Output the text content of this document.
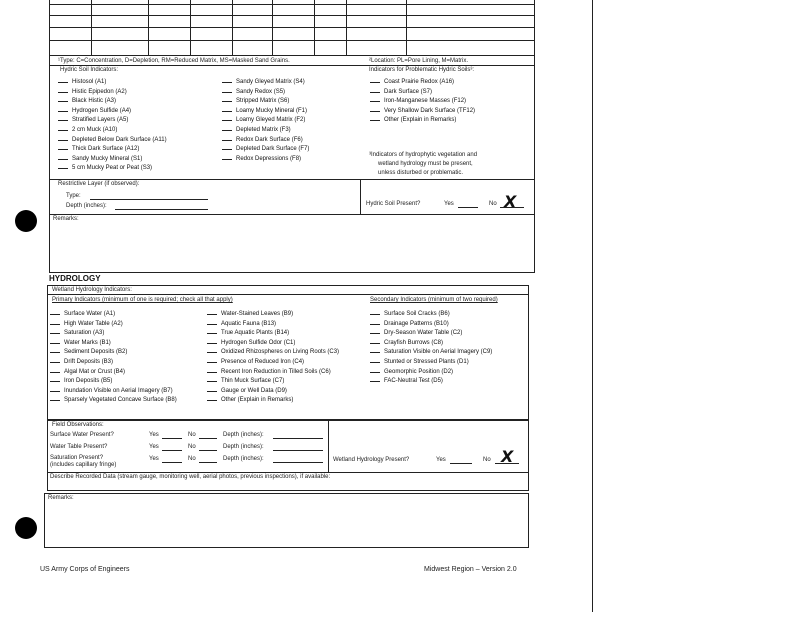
¹Type: C=Concentration, D=Depletion, RM=Reduced Matrix, MS=Masked Sand Grains.	²Location: PL=Pore Lining, M=Matrix.
Hydric Soil Indicators:	Indicators for Problematic Hydric Soils³:
Histosol (A1)
Histic Epipedon (A2)
Black Histic (A3)
Hydrogen Sulfide (A4)
Stratified Layers (A5)
2 cm Muck (A10)
Depleted Below Dark Surface (A11)
Thick Dark Surface (A12)
Sandy Mucky Mineral (S1)
5 cm Mucky Peat or Peat (S3)
Sandy Gleyed Matrix (S4)
Sandy Redox (S5)
Stripped Matrix (S6)
Loamy Mucky Mineral (F1)
Loamy Gleyed Matrix (F2)
Depleted Matrix (F3)
Redox Dark Surface (F6)
Depleted Dark Surface (F7)
Redox Depressions (F8)
Coast Prairie Redox (A16)
Dark Surface (S7)
Iron-Manganese Masses (F12)
Very Shallow Dark Surface (TF12)
Other (Explain in Remarks)
³Indicators of hydrophytic vegetation and
wetland hydrology must be present,
unless disturbed or problematic.
Restrictive Layer (if observed):
Type:
Depth (inches):	Hydric Soil Present?	Yes	No X
Remarks:
HYDROLOGY
Wetland Hydrology Indicators:
Primary Indicators (minimum of one is required; check all that apply)	Secondary Indicators (minimum of two required)
Surface Water (A1)
High Water Table (A2)
Saturation (A3)
Water Marks (B1)
Sediment Deposits (B2)
Drift Deposits (B3)
Algal Mat or Crust (B4)
Iron Deposits (B5)
Inundation Visible on Aerial Imagery (B7)
Sparsely Vegetated Concave Surface (B8)
Water-Stained Leaves (B9)
Aquatic Fauna (B13)
True Aquatic Plants (B14)
Hydrogen Sulfide Odor (C1)
Oxidized Rhizospheres on Living Roots (C3)
Presence of Reduced Iron (C4)
Recent Iron Reduction in Tilled Soils (C6)
Thin Muck Surface (C7)
Gauge or Well Data (D9)
Other (Explain in Remarks)
Surface Soil Cracks (B6)
Drainage Patterns (B10)
Dry-Season Water Table (C2)
Crayfish Burrows (C8)
Saturation Visible on Aerial Imagery (C9)
Stunted or Stressed Plants (D1)
Geomorphic Position (D2)
FAC-Neutral Test (D5)
Field Observations:
Surface Water Present?	Yes	No	Depth (inches):
Water Table Present?	Yes	No	Depth (inches):
Saturation Present?
(includes capillary fringe)
Yes	No	Depth (inches):	Wetland Hydrology Present?	Yes	No X
Describe Recorded Data (stream gauge, monitoring well, aerial photos, previous inspections), if available:
Remarks:
US Army Corps of Engineers	Midwest Region – Version 2.0
